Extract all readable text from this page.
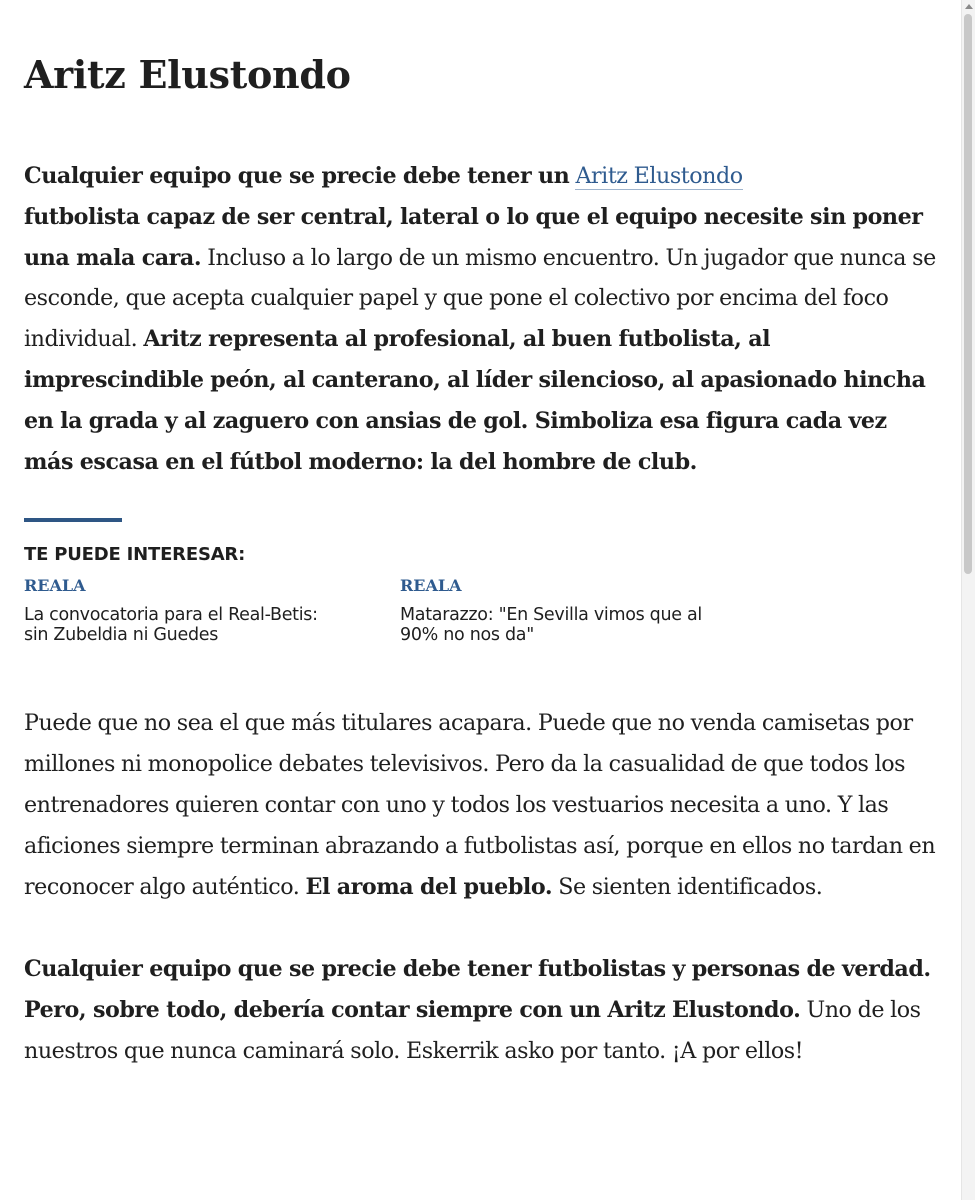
Aritz Elustondo

Cualquier equipo que se precie debe tener un Aritz Elustondo
futbolista capaz de ser central, lateral o lo que el equipo necesite sin poner una mala cara. Incluso a lo largo de un mismo encuentro. Un jugador que nunca se esconde, que acepta cualquier papel y que pone el colectivo por encima del foco individual. Aritz representa al profesional, al buen futbolista, al imprescindible peón, al canterano, al líder silencioso, al apasionado hincha en la grada y al zaguero con ansias de gol. Simboliza esa figura cada vez más escasa en el fútbol moderno: la del hombre de club.

TE PUEDE INTERESAR:
REALA
La convocatoria para el Real-Betis: sin Zubeldia ni Guedes
REALA
Matarazzo: "En Sevilla vimos que al 90% no nos da"

Puede que no sea el que más titulares acapara. Puede que no venda camisetas por millones ni monopolice debates televisivos. Pero da la casualidad de que todos los entrenadores quieren contar con uno y todos los vestuarios necesita a uno. Y las aficiones siempre terminan abrazando a futbolistas así, porque en ellos no tardan en reconocer algo auténtico. El aroma del pueblo. Se sienten identificados.

Cualquier equipo que se precie debe tener futbolistas y personas de verdad. Pero, sobre todo, debería contar siempre con un Aritz Elustondo. Uno de los nuestros que nunca caminará solo. Eskerrik asko por tanto. ¡A por ellos!
